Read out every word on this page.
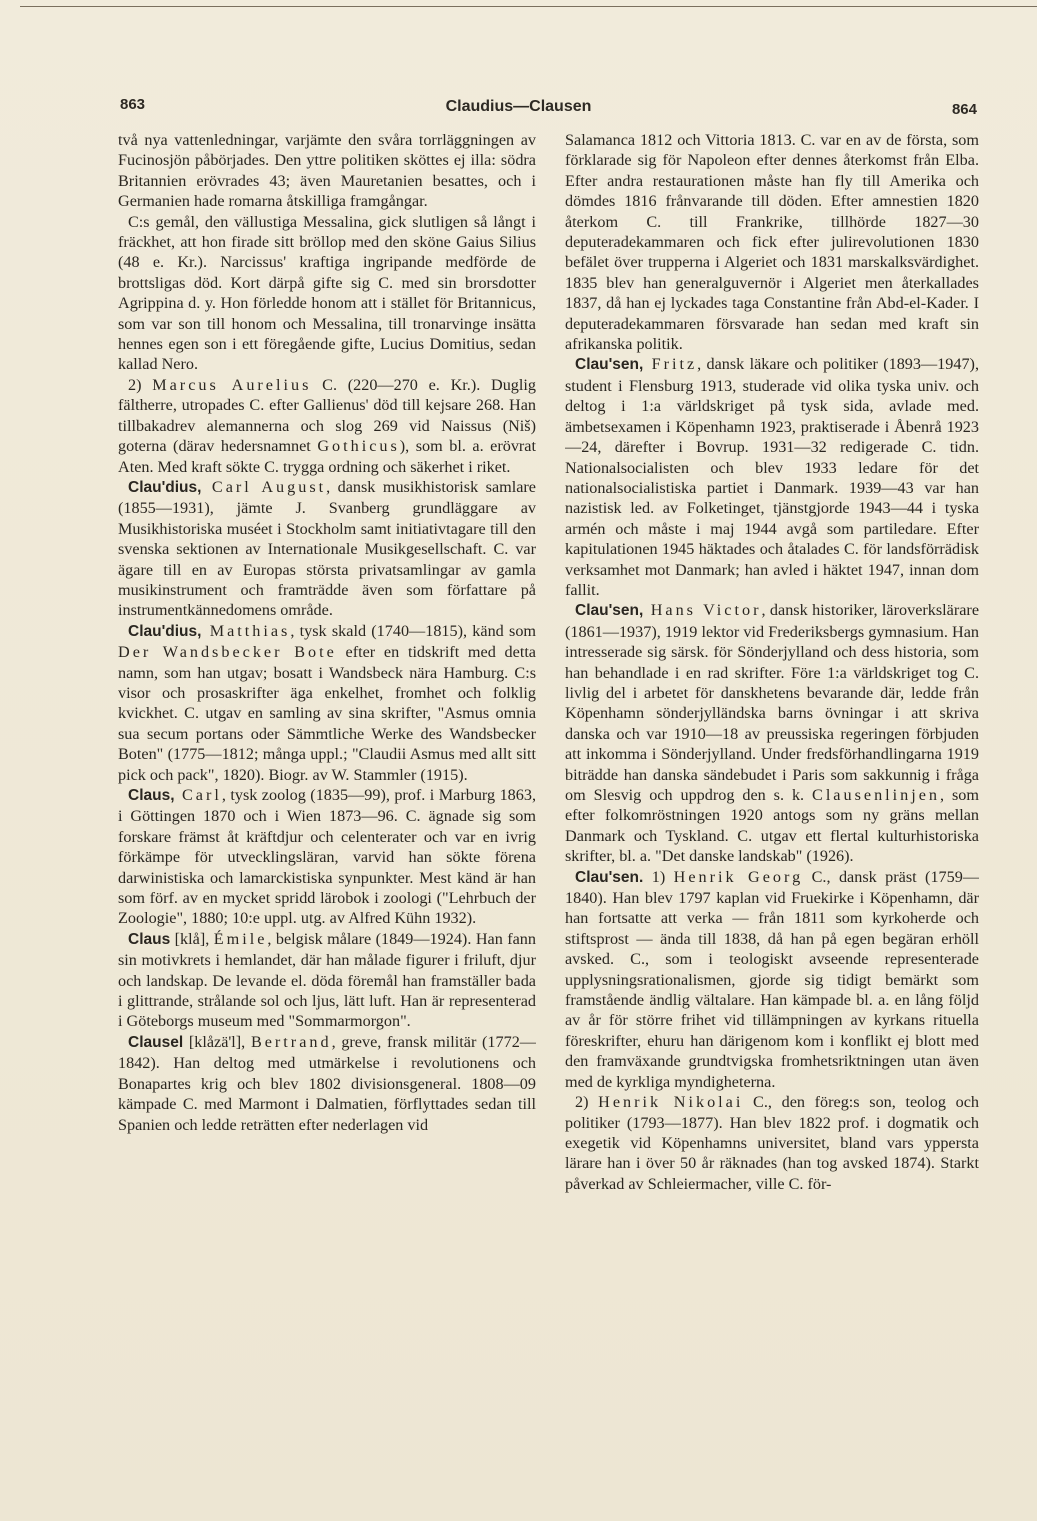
863	Claudius—Clausen	864

två nya vattenledningar, varjämte den svåra torrläggningen av Fucinosjön påbörjades. Den yttre politiken sköttes ej illa: södra Britannien erövrades 43; även Mauretanien besattes, och i Germanien hade romarna åtskilliga framgångar.

C:s gemål, den vällustiga Messalina, gick slutligen så långt i fräckhet, att hon firade sitt bröllop med den sköne Gaius Silius (48 e. Kr.). Narcissus' kraftiga ingripande medförde de brottsligas död. Kort därpå gifte sig C. med sin brorsdotter Agrippina d. y. Hon förledde honom att i stället för Britannicus, som var son till honom och Messalina, till tronarvinge insätta hennes egen son i ett föregående gifte, Lucius Domitius, sedan kallad Nero.

2) Marcus Aurelius C. (220—270 e. Kr.). Duglig fältherre, utropades C. efter Gallienus' död till kejsare 268. Han tillbakadrev alemannerna och slog 269 vid Naissus (Niš) goterna (därav hedersnamnet Gothicus), som bl. a. erövrat Aten. Med kraft sökte C. trygga ordning och säkerhet i riket.

Clau'dius, Carl August, dansk musikhistorisk samlare (1855—1931), jämte J. Svanberg grundläggare av Musikhistoriska muséet i Stockholm samt initiativtagare till den svenska sektionen av Internationale Musikgesellschaft. C. var ägare till en av Europas största privatsamlingar av gamla musikinstrument och framträdde även som författare på instrumentkännedomens område.

Clau'dius, Matthias, tysk skald (1740—1815), känd som Der Wandsbecker Bote efter en tidskrift med detta namn, som han utgav; bosatt i Wandsbeck nära Hamburg. C:s visor och prosaskrifter äga enkelhet, fromhet och folklig kvickhet. C. utgav en samling av sina skrifter, "Asmus omnia sua secum portans oder Sämmtliche Werke des Wandsbecker Boten" (1775—1812; många uppl.; "Claudii Asmus med allt sitt pick och pack", 1820). Biogr. av W. Stammler (1915).

Claus, Carl, tysk zoolog (1835—99), prof. i Marburg 1863, i Göttingen 1870 och i Wien 1873—96. C. ägnade sig som forskare främst åt kräftdjur och celenterater och var en ivrig förkämpe för utvecklingsläran, varvid han sökte förena darwinistiska och lamarckistiska synpunkter. Mest känd är han som förf. av en mycket spridd lärobok i zoologi ("Lehrbuch der Zoologie", 1880; 10:e uppl. utg. av Alfred Kühn 1932).

Claus [klå], Émile, belgisk målare (1849—1924). Han fann sin motivkrets i hemlandet, där han målade figurer i friluft, djur och landskap. De levande el. döda föremål han framställer bada i glittrande, strålande sol och ljus, lätt luft. Han är representerad i Göteborgs museum med "Sommarmorgon".

Clausel [klåzä'l], Bertrand, greve, fransk militär (1772—1842). Han deltog med utmärkelse i revolutionens och Bonapartes krig och blev 1802 divisionsgeneral. 1808—09 kämpade C. med Marmont i Dalmatien, förflyttades sedan till Spanien och ledde reträtten efter nederlagen vid

Salamanca 1812 och Vittoria 1813. C. var en av de första, som förklarade sig för Napoleon efter dennes återkomst från Elba. Efter andra restaurationen måste han fly till Amerika och dömdes 1816 frånvarande till döden. Efter amnestien 1820 återkom C. till Frankrike, tillhörde 1827—30 deputeradekammaren och fick efter julirevolutionen 1830 befälet över trupperna i Algeriet och 1831 marskalksvärdighet. 1835 blev han generalguvernör i Algeriet men återkallades 1837, då han ej lyckades taga Constantine från Abd-el-Kader. I deputeradekammaren försvarade han sedan med kraft sin afrikanska politik.

Clau'sen, Fritz, dansk läkare och politiker (1893—1947), student i Flensburg 1913, studerade vid olika tyska univ. och deltog i 1:a världskriget på tysk sida, avlade med. ämbetsexamen i Köpenhamn 1923, praktiserade i Åbenrå 1923—24, därefter i Bovrup. 1931—32 redigerade C. tidn. Nationalsocialisten och blev 1933 ledare för det nationalsocialistiska partiet i Danmark. 1939—43 var han nazistisk led. av Folketinget, tjänstgjorde 1943—44 i tyska armén och måste i maj 1944 avgå som partiledare. Efter kapitulationen 1945 häktades och åtalades C. för landsförrädisk verksamhet mot Danmark; han avled i häktet 1947, innan dom fallit.

Clau'sen, Hans Victor, dansk historiker, läroverkslärare (1861—1937), 1919 lektor vid Frederiksbergs gymnasium. Han intresserade sig särsk. för Sönderjylland och dess historia, som han behandlade i en rad skrifter. Före 1:a världskriget tog C. livlig del i arbetet för danskhetens bevarande där, ledde från Köpenhamn sönderjylländska barns övningar i att skriva danska och var 1910—18 av preussiska regeringen förbjuden att inkomma i Sönderjylland. Under fredsförhandlingarna 1919 biträdde han danska sändebudet i Paris som sakkunnig i fråga om Slesvig och uppdrog den s. k. Clausenlinjen, som efter folkomröstningen 1920 antogs som ny gräns mellan Danmark och Tyskland. C. utgav ett flertal kulturhistoriska skrifter, bl. a. "Det danske landskab" (1926).

Clau'sen. 1) Henrik Georg C., dansk präst (1759—1840). Han blev 1797 kaplan vid Fruekirke i Köpenhamn, där han fortsatte att verka — från 1811 som kyrkoherde och stiftsprost — ända till 1838, då han på egen begäran erhöll avsked. C., som i teologiskt avseende representerade upplysningsrationalismen, gjorde sig tidigt bemärkt som framstående ändlig vältalare. Han kämpade bl. a. en lång följd av år för större frihet vid tillämpningen av kyrkans rituella föreskrifter, ehuru han därigenom kom i konflikt ej blott med den framväxande grundtvigska fromhetsriktningen utan även med de kyrkliga myndigheterna.

2) Henrik Nikolai C., den föreg:s son, teolog och politiker (1793—1877). Han blev 1822 prof. i dogmatik och exegetik vid Köpenhamns universitet, bland vars yppersta lärare han i över 50 år räknades (han tog avsked 1874). Starkt påverkad av Schleiermacher, ville C. för-
